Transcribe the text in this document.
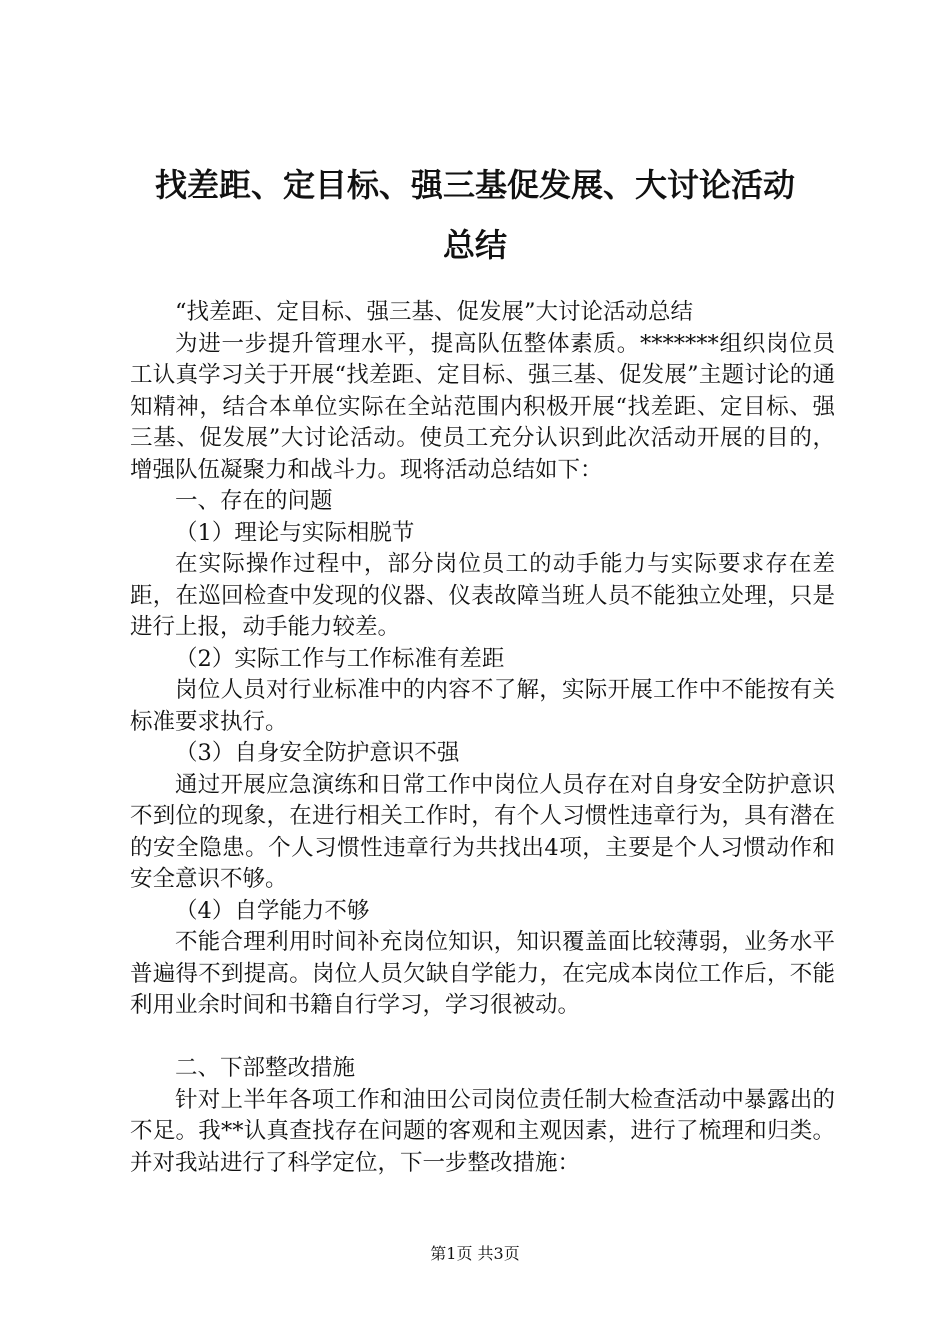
找差距、定目标、强三基促发展、大讨论活动
总结

“找差距、定目标、强三基、促发展”大讨论活动总结

为进一步提升管理水平，提高队伍整体素质。*******组织岗位员工认真学习关于开展“找差距、定目标、强三基、促发展”主题讨论的通知精神，结合本单位实际在全站范围内积极开展“找差距、定目标、强三基、促发展”大讨论活动。使员工充分认识到此次活动开展的目的，增强队伍凝聚力和战斗力。现将活动总结如下：

一、存在的问题

（1）理论与实际相脱节

在实际操作过程中，部分岗位员工的动手能力与实际要求存在差距，在巡回检查中发现的仪器、仪表故障当班人员不能独立处理，只是进行上报，动手能力较差。

（2）实际工作与工作标准有差距

岗位人员对行业标准中的内容不了解，实际开展工作中不能按有关标准要求执行。

（3）自身安全防护意识不强

通过开展应急演练和日常工作中岗位人员存在对自身安全防护意识不到位的现象，在进行相关工作时，有个人习惯性违章行为，具有潜在的安全隐患。个人习惯性违章行为共找出4项，主要是个人习惯动作和安全意识不够。

（4）自学能力不够

不能合理利用时间补充岗位知识，知识覆盖面比较薄弱，业务水平普遍得不到提高。岗位人员欠缺自学能力，在完成本岗位工作后，不能利用业余时间和书籍自行学习，学习很被动。

二、下部整改措施

针对上半年各项工作和油田公司岗位责任制大检查活动中暴露出的不足。我**认真查找存在问题的客观和主观因素，进行了梳理和归类。并对我站进行了科学定位，下一步整改措施：

第1页 共3页
